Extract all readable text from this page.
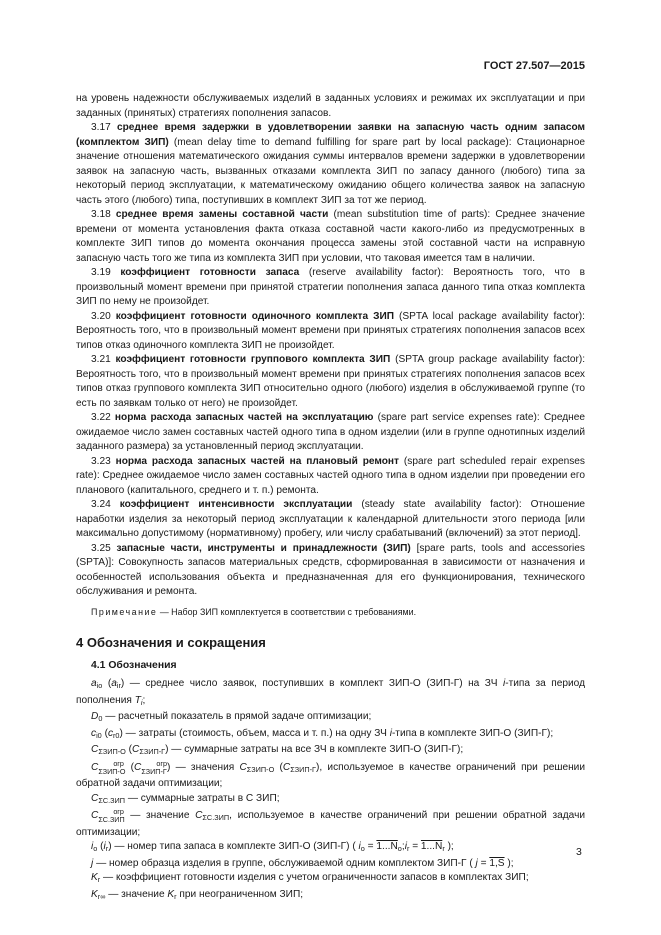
ГОСТ 27.507—2015

на уровень надежности обслуживаемых изделий в заданных условиях и режимах их эксплуатации и при заданных (принятых) стратегиях пополнения запасов.

3.17 среднее время задержки в удовлетворении заявки на запасную часть одним запасом (комплектом ЗИП) (mean delay time to demand fulfilling for spare part by local package): Стационарное значение отношения математического ожидания суммы интервалов времени задержки в удовлетворении заявок на запасную часть, вызванных отказами комплекта ЗИП по запасу данного (любого) типа за некоторый период эксплуатации, к математическому ожиданию общего количества заявок на запасную часть этого (любого) типа, поступивших в комплект ЗИП за тот же период.

3.18 среднее время замены составной части (mean substitution time of parts): Среднее значение времени от момента установления факта отказа составной части какого-либо из предусмотренных в комплекте ЗИП типов до момента окончания процесса замены этой составной части на исправную запасную часть того же типа из комплекта ЗИП при условии, что таковая имеется там в наличии.

3.19 коэффициент готовности запаса (reserve availability factor): Вероятность того, что в произвольный момент времени при принятой стратегии пополнения запаса данного типа отказ комплекта ЗИП по нему не произойдет.

3.20 коэффициент готовности одиночного комплекта ЗИП (SPTA local package availability factor): Вероятность того, что в произвольный момент времени при принятых стратегиях пополнения запасов всех типов отказ одиночного комплекта ЗИП не произойдет.

3.21 коэффициент готовности группового комплекта ЗИП (SPTA group package availability factor): Вероятность того, что в произвольный момент времени при принятых стратегиях пополнения запасов всех типов отказ группового комплекта ЗИП относительно одного (любого) изделия в обслуживаемой группе (то есть по заявкам только от него) не произойдет.

3.22 норма расхода запасных частей на эксплуатацию (spare part service expenses rate): Среднее ожидаемое число замен составных частей одного типа в одном изделии (или в группе однотипных изделий заданного размера) за установленный период эксплуатации.

3.23 норма расхода запасных частей на плановый ремонт (spare part scheduled repair expenses rate): Среднее ожидаемое число замен составных частей одного типа в одном изделии при проведении его планового (капитального, среднего и т. п.) ремонта.

3.24 коэффициент интенсивности эксплуатации (steady state availability factor): Отношение наработки изделия за некоторый период эксплуатации к календарной длительности этого периода [или максимально допустимому (нормативному) пробегу, или числу срабатываний (включений) за этот период].

3.25 запасные части, инструменты и принадлежности (ЗИП) [spare parts, tools and accessories (SPTA)]: Совокупность запасов материальных средств, сформированная в зависимости от назначения и особенностей использования объекта и предназначенная для его функционирования, технического обслуживания и ремонта.

Примечание — Набор ЗИП комплектуется в соответствии с требованиями.

4 Обозначения и сокращения
4.1 Обозначения

aiо (air) — среднее число заявок, поступивших в комплект ЗИП-О (ЗИП-Г) на ЗЧ i-типа за период пополнения Ti;

D0 — расчетный показатель в прямой задаче оптимизации;

ci0 (cr0) — затраты (стоимость, объем, масса и т. п.) на одну ЗЧ i-типа в комплекте ЗИП-О (ЗИП-Г);

CΣЗИП-О (CΣЗИП-Г) — суммарные затраты на все ЗЧ в комплекте ЗИП-О (ЗИП-Г);

C огр
ΣЗИП-О (C огр
ΣЗИП-Г) — значения CΣЗИП-О (CΣЗИП-Г), используемое в качестве ограничений при решении обратной задачи оптимизации;

CΣС.ЗИП — суммарные затраты в С ЗИП;

C огр
ΣС.ЗИП — значение CΣС.ЗИП, используемое в качестве ограничений при решении обратной задачи оптимизации;

iо (ir) — номер типа запаса в комплекте ЗИП-О (ЗИП-Г) ( iо = 1...Nо;ir = 1...Nr );

j — номер образца изделия в группе, обслуживаемой одним комплектом ЗИП-Г ( j = 1,S );

Kr — коэффициент готовности изделия с учетом ограниченности запасов в комплектах ЗИП;

Kr∞ — значение Kr при неограниченном ЗИП;

3
